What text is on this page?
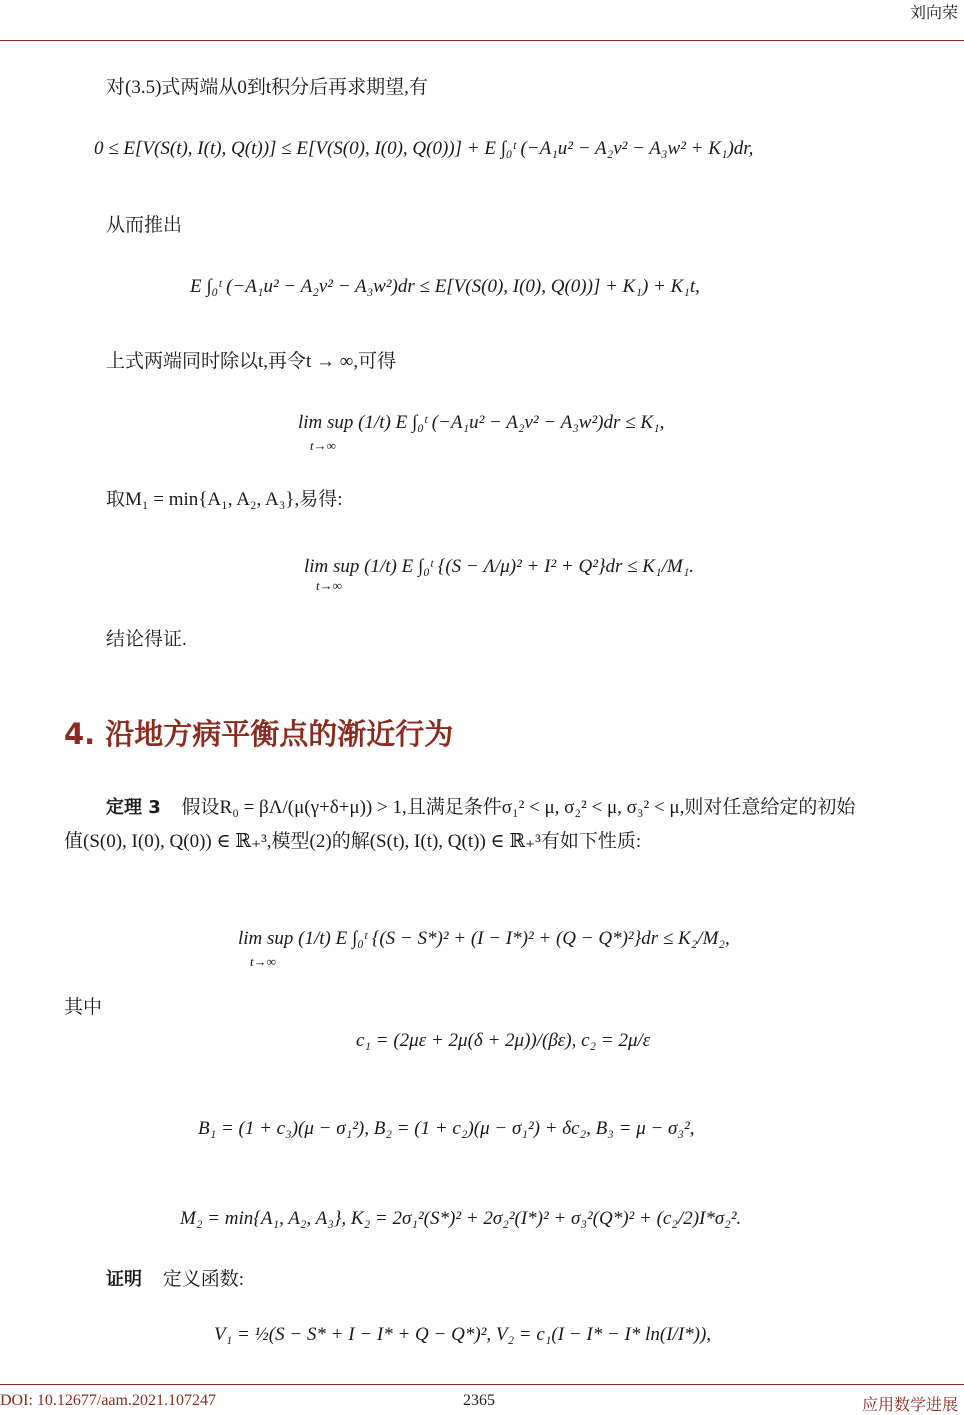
刘向荣
对(3.5)式两端从0到t积分后再求期望,有
0 ≤ E[V(S(t), I(t), Q(t))] ≤ E[V(S(0), I(0), Q(0))] + E ∫₀ᵗ (−A₁u² − A₂v² − A₃w² + K₁)dr,
从而推出
E ∫₀ᵗ (−A₁u² − A₂v² − A₃w²)dr ≤ E[V(S(0), I(0), Q(0))] + K₁) + K₁t,
上式两端同时除以t,再令t → ∞,可得
lim sup (1/t) E ∫₀ᵗ (−A₁u² − A₂v² − A₃w²)dr ≤ K₁,
t→∞
取M₁ = min{A₁, A₂, A₃},易得:
lim sup (1/t) E ∫₀ᵗ {(S − Λ/μ)² + I² + Q²}dr ≤ K₁/M₁.
t→∞
结论得证.
4. 沿地方病平衡点的渐近行为
定理 3 假设R₀ = βΛ/(μ(γ+δ+μ)) > 1,且满足条件σ₁² < μ, σ₂² < μ, σ₃² < μ,则对任意给定的初始
值(S(0), I(0), Q(0)) ∈ ℝ₊³,模型(2)的解(S(t), I(t), Q(t)) ∈ ℝ₊³有如下性质:
lim sup (1/t) E ∫₀ᵗ {(S − S*)² + (I − I*)² + (Q − Q*)²}dr ≤ K₂/M₂,
t→∞
其中
c₁ = (2με + 2μ(δ + 2μ))/(βε), c₂ = 2μ/ε
B₁ = (1 + c₃)(μ − σ₁²), B₂ = (1 + c₂)(μ − σ₁²) + δc₂, B₃ = μ − σ₃²,
M₂ = min{A₁, A₂, A₃}, K₂ = 2σ₁²(S*)² + 2σ₂²(I*)² + σ₃²(Q*)² + (c₂/2)I*σ₂².
证明 定义函数:
V₁ = ½(S − S* + I − I* + Q − Q*)², V₂ = c₁(I − I* − I* ln(I/I*)),
DOI: 10.12677/aam.2021.107247	2365	应用数学进展
